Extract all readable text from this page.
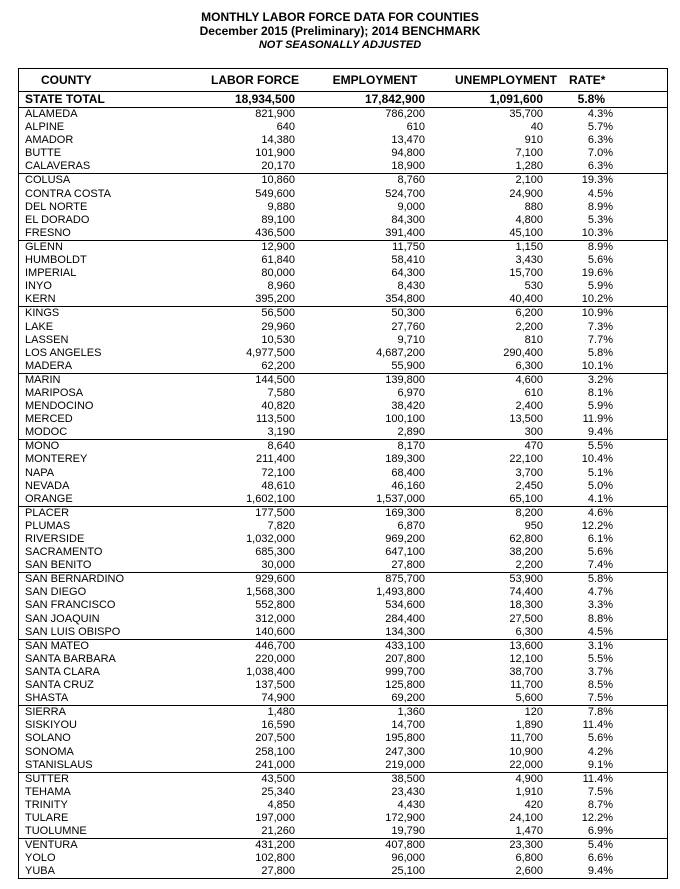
MONTHLY LABOR FORCE DATA FOR COUNTIES
December 2015 (Preliminary); 2014 BENCHMARK
NOT SEASONALLY ADJUSTED
COUNTY	LABOR FORCE	EMPLOYMENT	UNEMPLOYMENT	RATE*
STATE TOTAL	18,934,500	17,842,900	1,091,600	5.8%
ALAMEDA	821,900	786,200	35,700	4.3%
ALPINE	640	610	40	5.7%
AMADOR	14,380	13,470	910	6.3%
BUTTE	101,900	94,800	7,100	7.0%
CALAVERAS	20,170	18,900	1,280	6.3%
COLUSA	10,860	8,760	2,100	19.3%
CONTRA COSTA	549,600	524,700	24,900	4.5%
DEL NORTE	9,880	9,000	880	8.9%
EL DORADO	89,100	84,300	4,800	5.3%
FRESNO	436,500	391,400	45,100	10.3%
GLENN	12,900	11,750	1,150	8.9%
HUMBOLDT	61,840	58,410	3,430	5.6%
IMPERIAL	80,000	64,300	15,700	19.6%
INYO	8,960	8,430	530	5.9%
KERN	395,200	354,800	40,400	10.2%
KINGS	56,500	50,300	6,200	10.9%
LAKE	29,960	27,760	2,200	7.3%
LASSEN	10,530	9,710	810	7.7%
LOS ANGELES	4,977,500	4,687,200	290,400	5.8%
MADERA	62,200	55,900	6,300	10.1%
MARIN	144,500	139,800	4,600	3.2%
MARIPOSA	7,580	6,970	610	8.1%
MENDOCINO	40,820	38,420	2,400	5.9%
MERCED	113,500	100,100	13,500	11.9%
MODOC	3,190	2,890	300	9.4%
MONO	8,640	8,170	470	5.5%
MONTEREY	211,400	189,300	22,100	10.4%
NAPA	72,100	68,400	3,700	5.1%
NEVADA	48,610	46,160	2,450	5.0%
ORANGE	1,602,100	1,537,000	65,100	4.1%
PLACER	177,500	169,300	8,200	4.6%
PLUMAS	7,820	6,870	950	12.2%
RIVERSIDE	1,032,000	969,200	62,800	6.1%
SACRAMENTO	685,300	647,100	38,200	5.6%
SAN BENITO	30,000	27,800	2,200	7.4%
SAN BERNARDINO	929,600	875,700	53,900	5.8%
SAN DIEGO	1,568,300	1,493,800	74,400	4.7%
SAN FRANCISCO	552,800	534,600	18,300	3.3%
SAN JOAQUIN	312,000	284,400	27,500	8.8%
SAN LUIS OBISPO	140,600	134,300	6,300	4.5%
SAN MATEO	446,700	433,100	13,600	3.1%
SANTA BARBARA	220,000	207,800	12,100	5.5%
SANTA CLARA	1,038,400	999,700	38,700	3.7%
SANTA CRUZ	137,500	125,800	11,700	8.5%
SHASTA	74,900	69,200	5,600	7.5%
SIERRA	1,480	1,360	120	7.8%
SISKIYOU	16,590	14,700	1,890	11.4%
SOLANO	207,500	195,800	11,700	5.6%
SONOMA	258,100	247,300	10,900	4.2%
STANISLAUS	241,000	219,000	22,000	9.1%
SUTTER	43,500	38,500	4,900	11.4%
TEHAMA	25,340	23,430	1,910	7.5%
TRINITY	4,850	4,430	420	8.7%
TULARE	197,000	172,900	24,100	12.2%
TUOLUMNE	21,260	19,790	1,470	6.9%
VENTURA	431,200	407,800	23,300	5.4%
YOLO	102,800	96,000	6,800	6.6%
YUBA	27,800	25,100	2,600	9.4%
